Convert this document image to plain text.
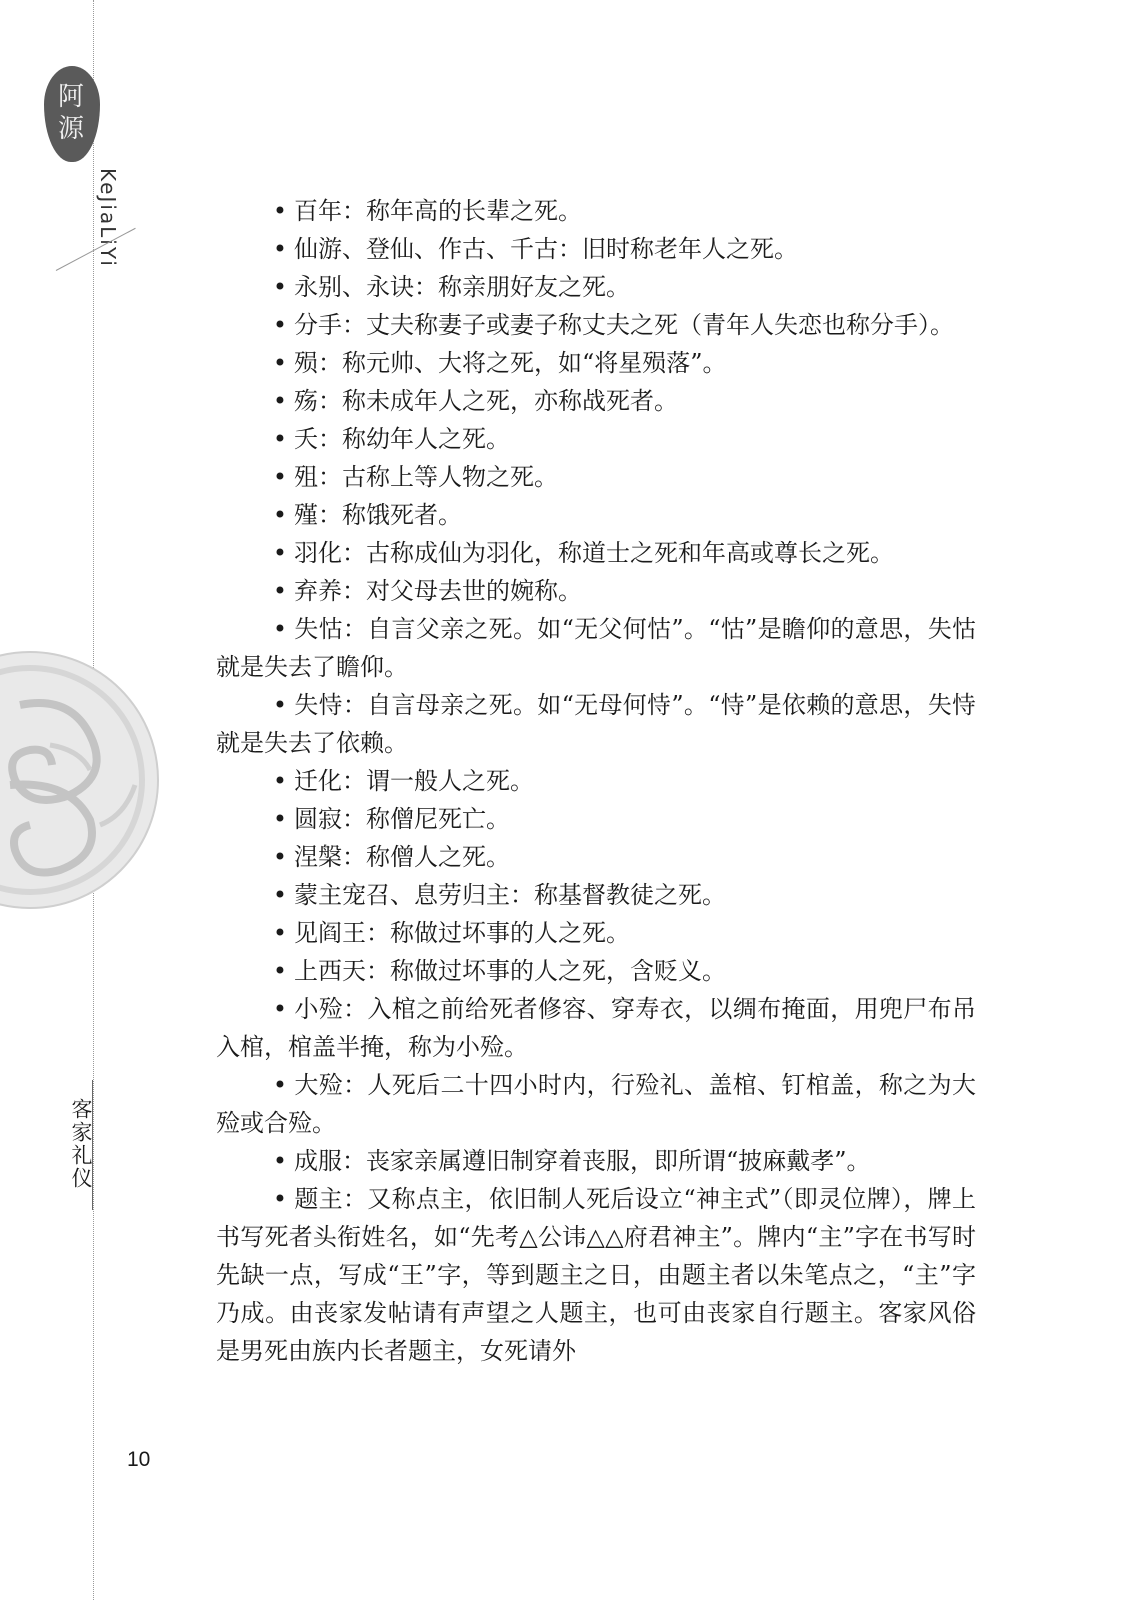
阿
源
KeJiaLiYi
客家礼仪
• 百年：称年高的长辈之死。
• 仙游、登仙、作古、千古：旧时称老年人之死。
• 永别、永诀：称亲朋好友之死。
• 分手：丈夫称妻子或妻子称丈夫之死（青年人失恋也称分手）。
• 殒：称元帅、大将之死，如“将星殒落”。
• 殇：称未成年人之死，亦称战死者。
• 夭：称幼年人之死。
• 殂：古称上等人物之死。
• 殣：称饿死者。
• 羽化：古称成仙为羽化，称道士之死和年高或尊长之死。
• 弃养：对父母去世的婉称。
• 失怙：自言父亲之死。如“无父何怙”。“怙”是瞻仰的意思，失怙就是失去了瞻仰。
• 失恃：自言母亲之死。如“无母何恃”。“恃”是依赖的意思，失恃就是失去了依赖。
• 迁化：谓一般人之死。
• 圆寂：称僧尼死亡。
• 涅槃：称僧人之死。
• 蒙主宠召、息劳归主：称基督教徒之死。
• 见阎王：称做过坏事的人之死。
• 上西天：称做过坏事的人之死，含贬义。
• 小殓：入棺之前给死者修容、穿寿衣，以绸布掩面，用兜尸布吊入棺，棺盖半掩，称为小殓。
• 大殓：人死后二十四小时内，行殓礼、盖棺、钉棺盖，称之为大殓或合殓。
• 成服：丧家亲属遵旧制穿着丧服，即所谓“披麻戴孝”。
• 题主：又称点主，依旧制人死后设立“神主式”（即灵位牌），牌上书写死者头衔姓名，如“先考△公讳△△府君神主”。牌内“主”字在书写时先缺一点，写成“王”字，等到题主之日，由题主者以朱笔点之，“主”字乃成。由丧家发帖请有声望之人题主，也可由丧家自行题主。客家风俗是男死由族内长者题主，女死请外
10
